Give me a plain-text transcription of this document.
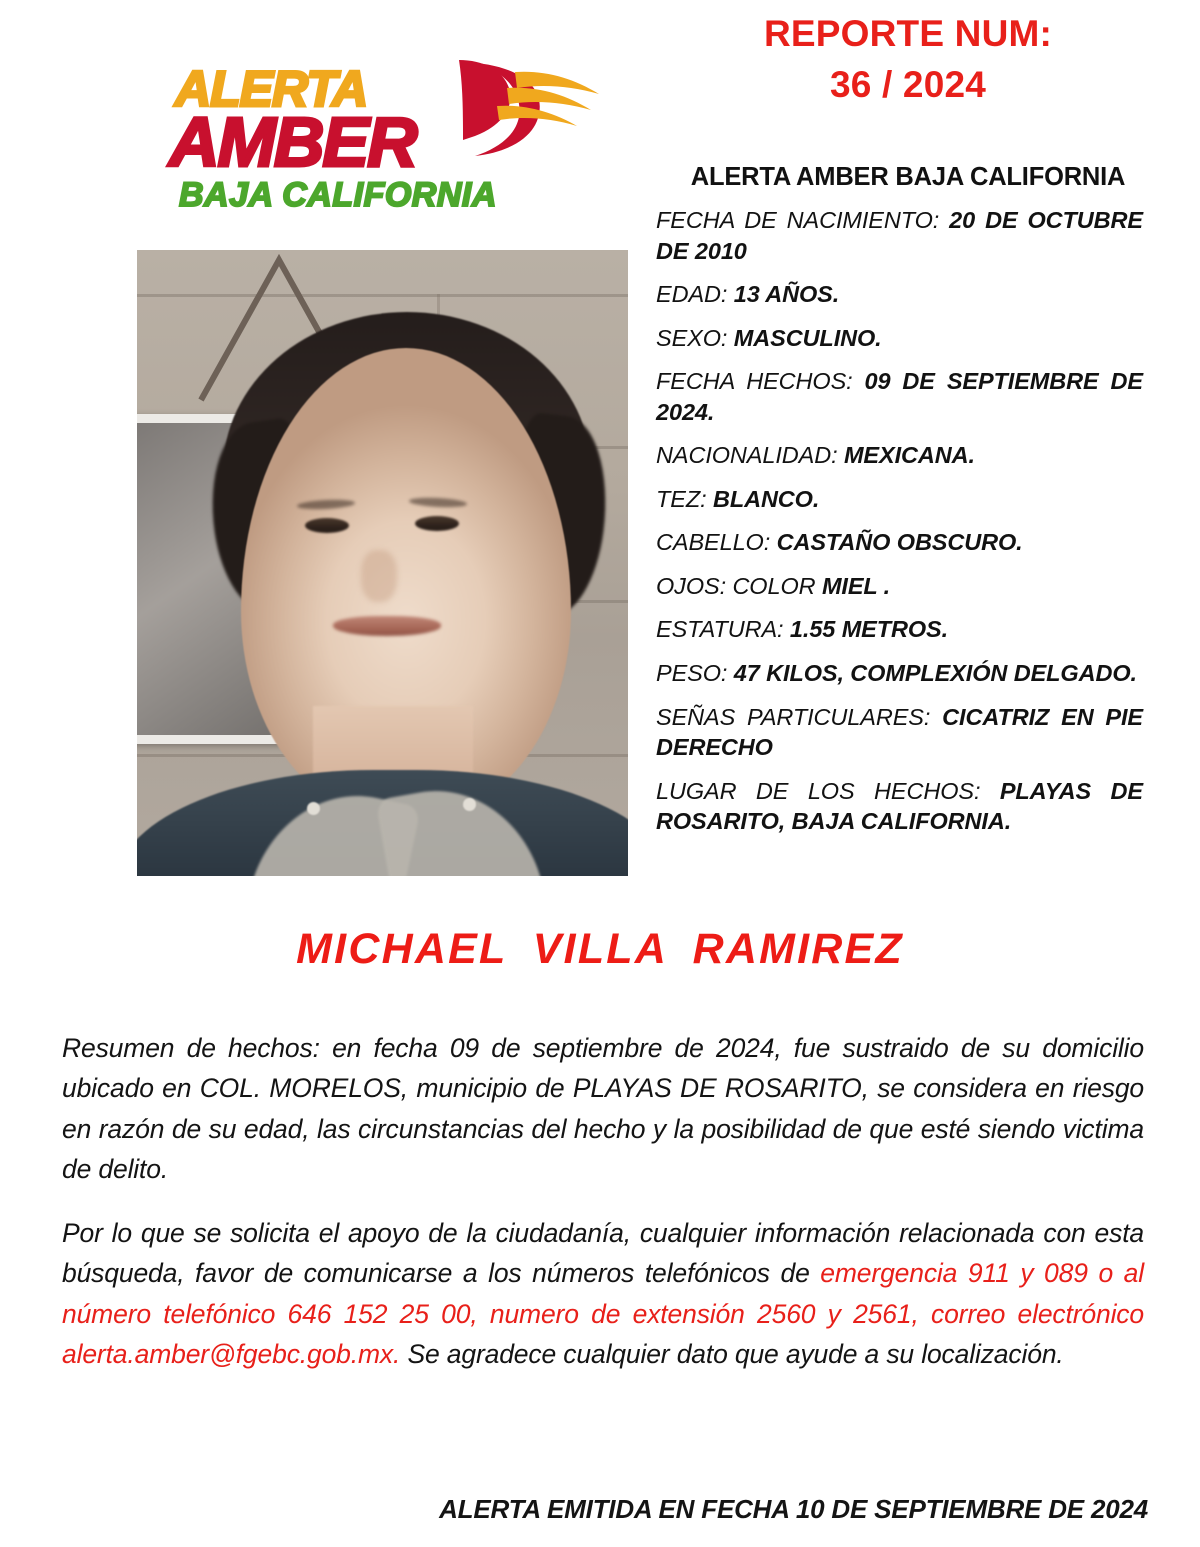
ALERTA
AMBER
BAJA CALIFORNIA
REPORTE NUM:
36 / 2024
ALERTA AMBER BAJA CALIFORNIA
FECHA DE NACIMIENTO: 20 DE OCTUBRE DE 2010
EDAD: 13 AÑOS.
SEXO: MASCULINO.
FECHA HECHOS: 09 DE SEPTIEMBRE DE 2024.
NACIONALIDAD: MEXICANA.
TEZ: BLANCO.
CABELLO: CASTAÑO OBSCURO.
OJOS: COLOR MIEL .
ESTATURA: 1.55 METROS.
PESO: 47 KILOS, COMPLEXIÓN DELGADO.
SEÑAS PARTICULARES: CICATRIZ EN PIE DERECHO
LUGAR DE LOS HECHOS: PLAYAS DE ROSARITO, BAJA CALIFORNIA.
MICHAEL VILLA RAMIREZ

Resumen de hechos: en fecha 09 de septiembre de 2024, fue sustraido de su domicilio ubicado en COL. MORELOS, municipio de PLAYAS DE ROSARITO, se considera en riesgo en razón de su edad, las circunstancias del hecho y la posibilidad de que esté siendo victima de delito.

Por lo que se solicita el apoyo de la ciudadanía, cualquier información relacionada con esta búsqueda, favor de comunicarse a los números telefónicos de emergencia 911 y 089 o al número telefónico 646 152 25 00, numero de extensión 2560 y 2561, correo electrónico alerta.amber@fgebc.gob.mx. Se agradece cualquier dato que ayude a su localización.

ALERTA EMITIDA EN FECHA 10 DE SEPTIEMBRE DE 2024
